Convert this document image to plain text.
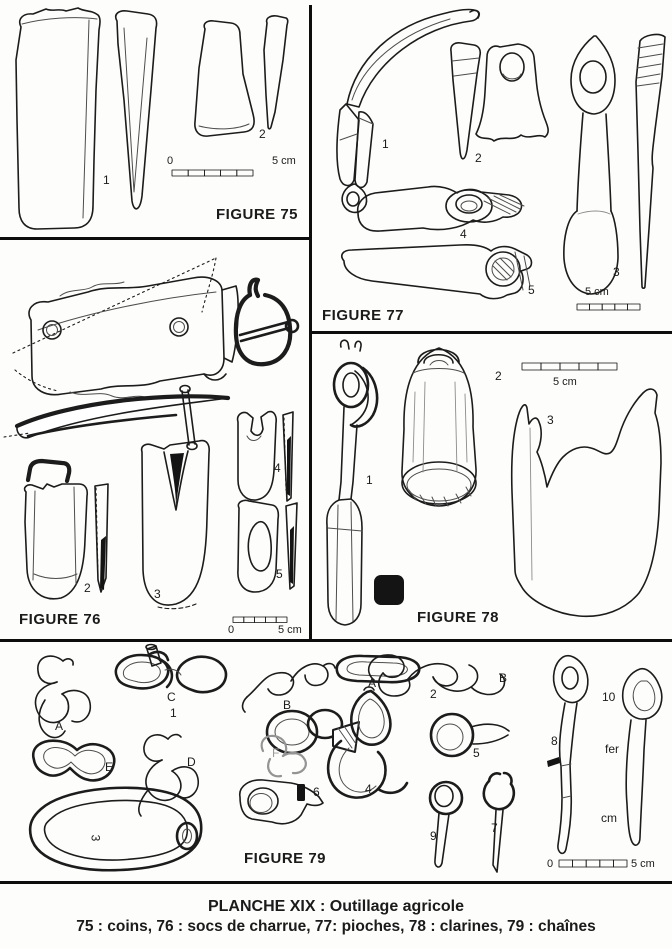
1
2
0	5 cm
FIGURE 75
1
2
4
5
3
5 cm
FIGURE 77
2	3
4
5
0	5 cm
FIGURE 76
1
2
3
5 cm
FIGURE 78
A
C
1
B
E	D
F
6
3
A
2
B
5
4
9
7
8
10
fer
cm
0	5 cm
FIGURE 79
PLANCHE XIX : Outillage agricole
75 : coins, 76 : socs de charrue, 77: pioches, 78 : clarines, 79 : chaînes
